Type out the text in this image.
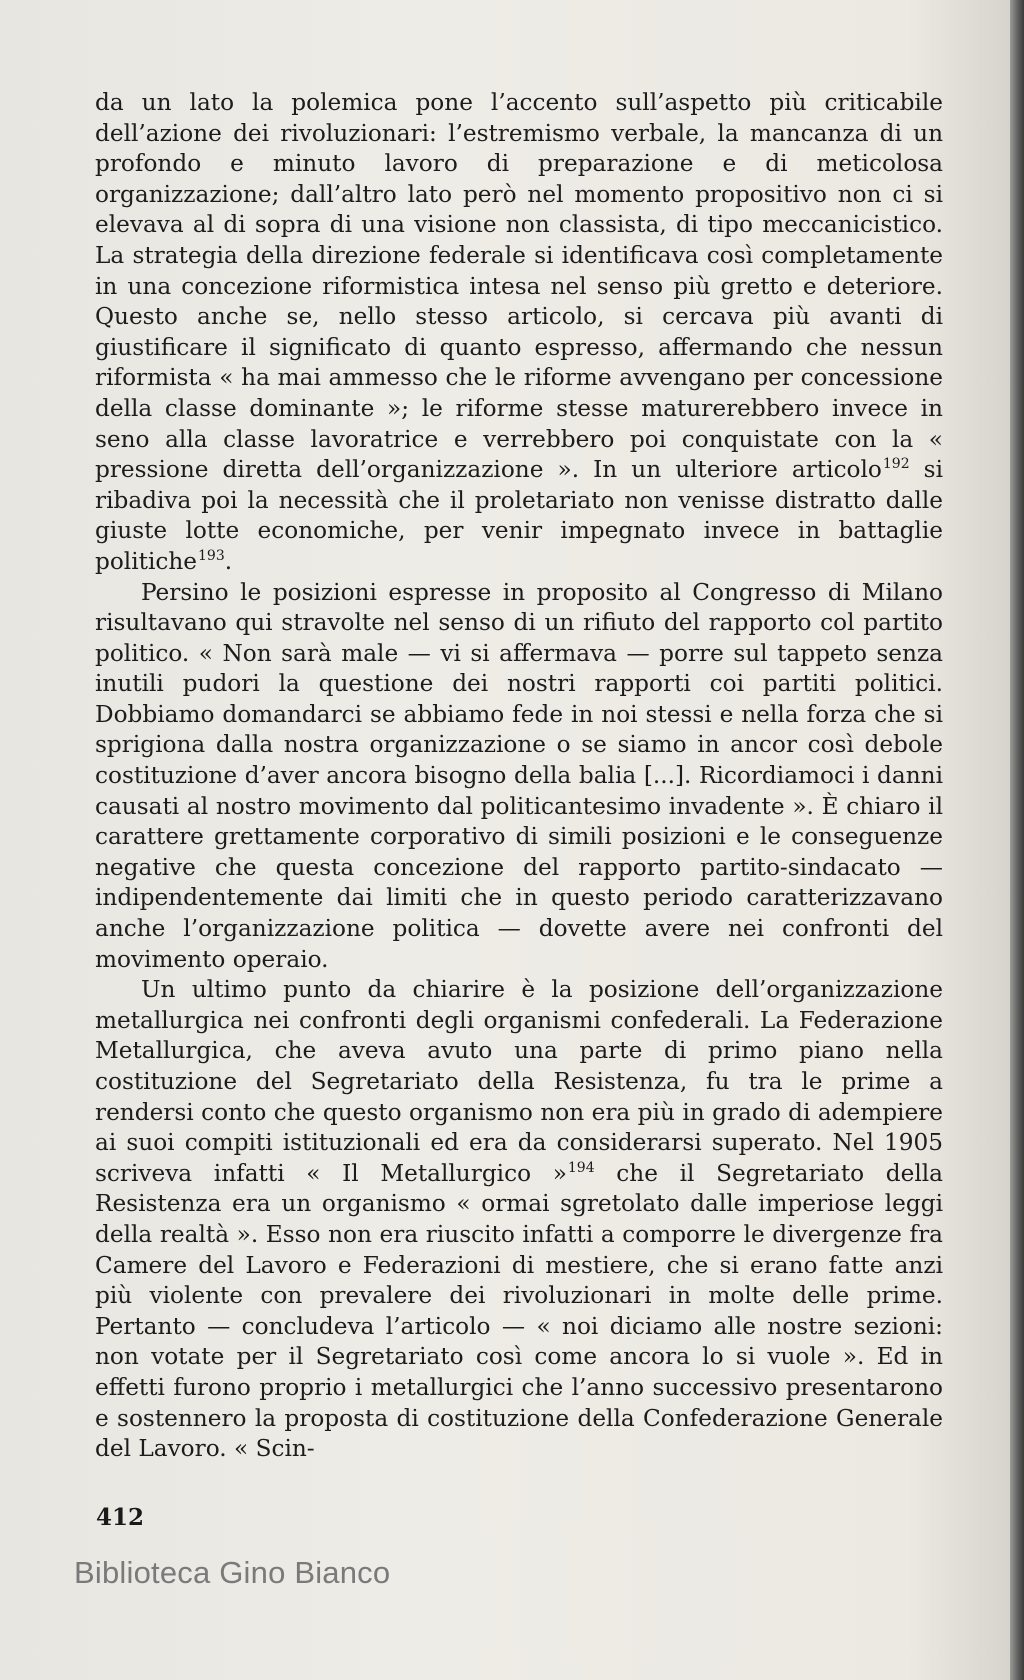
da un lato la polemica pone l’accento sull’aspetto più criticabile dell’azione dei rivoluzionari: l’estremismo verbale, la mancanza di un profondo e minuto lavoro di preparazione e di meticolosa organizzazione; dall’altro lato però nel momento propositivo non ci si elevava al di sopra di una visione non classista, di tipo meccanicistico. La strategia della direzione federale si identificava così completamente in una concezione riformistica intesa nel senso più gretto e deteriore. Questo anche se, nello stesso articolo, si cercava più avanti di giustificare il significato di quanto espresso, affermando che nessun riformista « ha mai ammesso che le riforme avvengano per concessione della classe dominante »; le riforme stesse maturerebbero invece in seno alla classe lavoratrice e verrebbero poi conquistate con la « pressione diretta dell’organizzazione ». In un ulteriore articolo$^{192}$ si ribadiva poi la necessità che il proletariato non venisse distratto dalle giuste lotte economiche, per venir impegnato invece in battaglie politiche$^{193}$.

Persino le posizioni espresse in proposito al Congresso di Milano risultavano qui stravolte nel senso di un rifiuto del rapporto col partito politico. « Non sarà male — vi si affermava — porre sul tappeto senza inutili pudori la questione dei nostri rapporti coi partiti politici. Dobbiamo domandarci se abbiamo fede in noi stessi e nella forza che si sprigiona dalla nostra organizzazione o se siamo in ancor così debole costituzione d’aver ancora bisogno della balia [...]. Ricordiamoci i danni causati al nostro movimento dal politicantesimo invadente ». È chiaro il carattere grettamente corporativo di simili posizioni e le conseguenze negative che questa concezione del rapporto partito-sindacato — indipendentemente dai limiti che in questo periodo caratterizzavano anche l’organizzazione politica — dovette avere nei confronti del movimento operaio.

Un ultimo punto da chiarire è la posizione dell’organizzazione metallurgica nei confronti degli organismi confederali. La Federazione Metallurgica, che aveva avuto una parte di primo piano nella costituzione del Segretariato della Resistenza, fu tra le prime a rendersi conto che questo organismo non era più in grado di adempiere ai suoi compiti istituzionali ed era da considerarsi superato. Nel 1905 scriveva infatti « Il Metallurgico »$^{194}$ che il Segretariato della Resistenza era un organismo « ormai sgretolato dalle imperiose leggi della realtà ». Esso non era riuscito infatti a comporre le divergenze fra Camere del Lavoro e Federazioni di mestiere, che si erano fatte anzi più violente con prevalere dei rivoluzionari in molte delle prime. Pertanto — concludeva l’articolo — « noi diciamo alle nostre sezioni: non votate per il Segretariato così come ancora lo si vuole ». Ed in effetti furono proprio i metallurgici che l’anno successivo presentarono e sostennero la proposta di costituzione della Confederazione Generale del Lavoro. « Scin-

412
Biblioteca Gino Bianco
